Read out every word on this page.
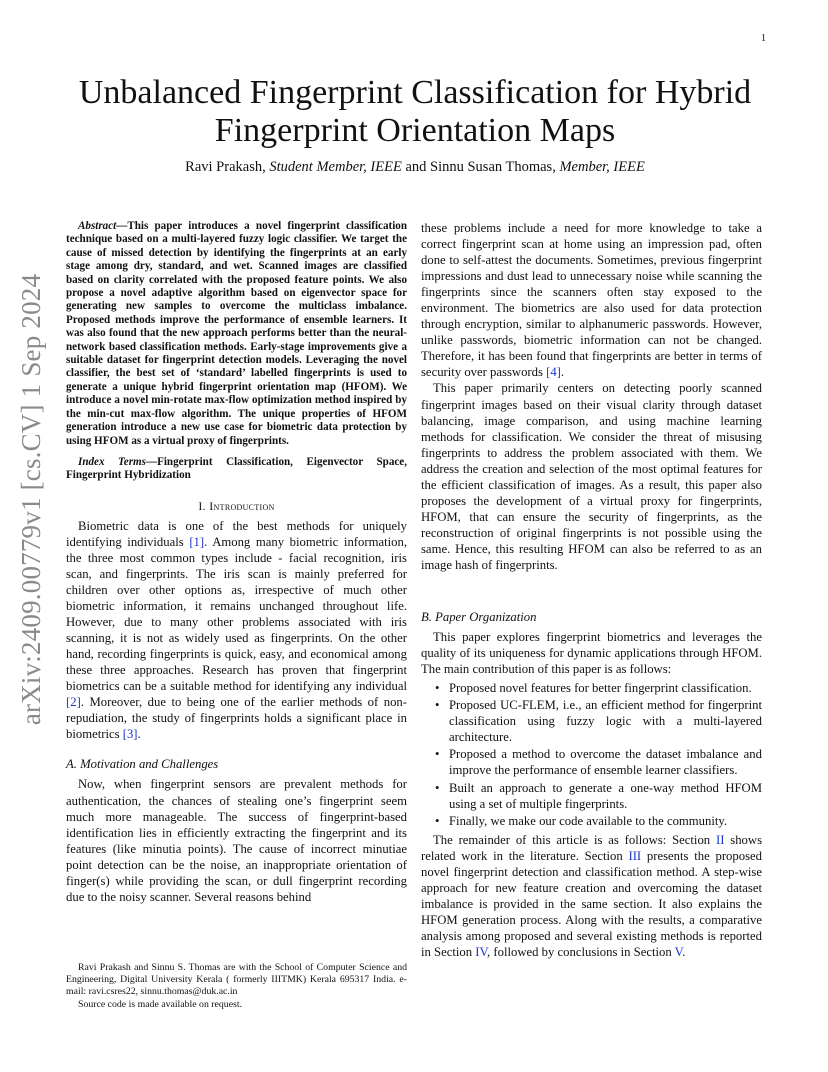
1
arXiv:2409.00779v1 [cs.CV] 1 Sep 2024
Unbalanced Fingerprint Classification for Hybrid Fingerprint Orientation Maps
Ravi Prakash, Student Member, IEEE and Sinnu Susan Thomas, Member, IEEE

Abstract—This paper introduces a novel fingerprint classification technique based on a multi-layered fuzzy logic classifier. We target the cause of missed detection by identifying the fingerprints at an early stage among dry, standard, and wet. Scanned images are classified based on clarity correlated with the proposed feature points. We also propose a novel adaptive algorithm based on eigenvector space for generating new samples to overcome the multiclass imbalance. Proposed methods improve the performance of ensemble learners. It was also found that the new approach performs better than the neural-network based classification methods. Early-stage improvements give a suitable dataset for fingerprint detection models. Leveraging the novel classifier, the best set of ‘standard’ labelled fingerprints is used to generate a unique hybrid fingerprint orientation map (HFOM). We introduce a novel min-rotate max-flow optimization method inspired by the min-cut max-flow algorithm. The unique properties of HFOM generation introduce a new use case for biometric data protection by using HFOM as a virtual proxy of fingerprints.

Index Terms—Fingerprint Classification, Eigenvector Space, Fingerprint Hybridization

I. Introduction

Biometric data is one of the best methods for uniquely identifying individuals [1]. Among many biometric information, the three most common types include - facial recognition, iris scan, and fingerprints. The iris scan is mainly preferred for children over other options as, irrespective of much other biometric information, it remains unchanged throughout life. However, due to many other problems associated with iris scanning, it is not as widely used as fingerprints. On the other hand, recording fingerprints is quick, easy, and economical among these three approaches. Research has proven that fingerprint biometrics can be a suitable method for identifying any individual [2]. Moreover, due to being one of the earlier methods of non-repudiation, the study of fingerprints holds a significant place in biometrics [3].

A. Motivation and Challenges

Now, when fingerprint sensors are prevalent methods for authentication, the chances of stealing one’s fingerprint seem much more manageable. The success of fingerprint-based identification lies in efficiently extracting the fingerprint and its features (like minutia points). The cause of incorrect minutiae point detection can be the noise, an inappropriate orientation of finger(s) while providing the scan, or dull fingerprint recording due to the noisy scanner. Several reasons behind

Ravi Prakash and Sinnu S. Thomas are with the School of Computer Science and Engineering, Digital University Kerala ( formerly IIITMK) Kerala 695317 India. e-mail: ravi.csres22, sinnu.thomas@duk.ac.in

Source code is made available on request.

these problems include a need for more knowledge to take a correct fingerprint scan at home using an impression pad, often done to self-attest the documents. Sometimes, previous fingerprint impressions and dust lead to unnecessary noise while scanning the fingerprints since the scanners often stay exposed to the environment. The biometrics are also used for data protection through encryption, similar to alphanumeric passwords. However, unlike passwords, biometric information can not be changed. Therefore, it has been found that fingerprints are better in terms of security over passwords [4].

This paper primarily centers on detecting poorly scanned fingerprint images based on their visual clarity through dataset balancing, image comparison, and using machine learning methods for classification. We consider the threat of misusing fingerprints to address the problem associated with them. We address the creation and selection of the most optimal features for the efficient classification of images. As a result, this paper also proposes the development of a virtual proxy for fingerprints, HFOM, that can ensure the security of fingerprints, as the reconstruction of original fingerprints is not possible using the same. Hence, this resulting HFOM can also be referred to as an image hash of fingerprints.

B. Paper Organization

This paper explores fingerprint biometrics and leverages the quality of its uniqueness for dynamic applications through HFOM. The main contribution of this paper is as follows:

• Proposed novel features for better fingerprint classification.
• Proposed UC-FLEM, i.e., an efficient method for fingerprint classification using fuzzy logic with a multi-layered architecture.
• Proposed a method to overcome the dataset imbalance and improve the performance of ensemble learner classifiers.
• Built an approach to generate a one-way method HFOM using a set of multiple fingerprints.
• Finally, we make our code available to the community.

The remainder of this article is as follows: Section II shows related work in the literature. Section III presents the proposed novel fingerprint detection and classification method. A step-wise approach for new feature creation and overcoming the dataset imbalance is provided in the same section. It also explains the HFOM generation process. Along with the results, a comparative analysis among proposed and several existing methods is reported in Section IV, followed by conclusions in Section V.
